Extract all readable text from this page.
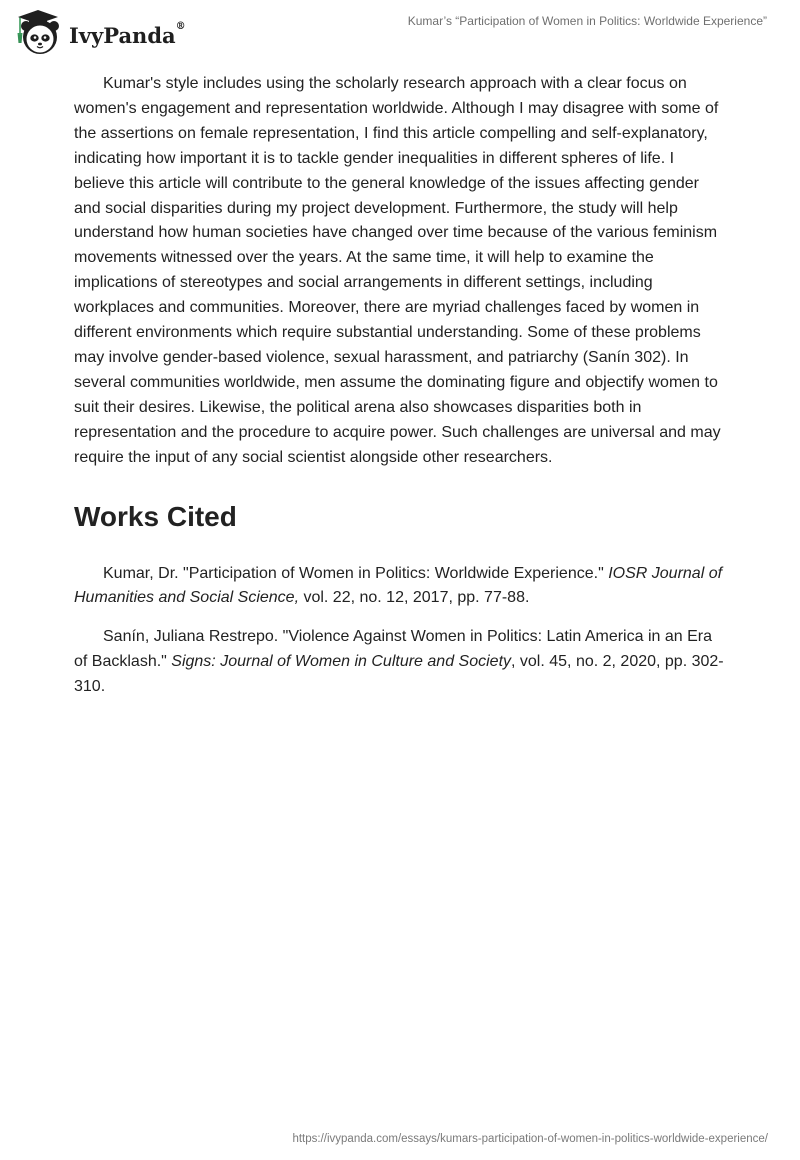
IvyPanda®	Kumar’s “Participation of Women in Politics: Worldwide Experience”

Kumar's style includes using the scholarly research approach with a clear focus on women's engagement and representation worldwide. Although I may disagree with some of the assertions on female representation, I find this article compelling and self-explanatory, indicating how important it is to tackle gender inequalities in different spheres of life. I believe this article will contribute to the general knowledge of the issues affecting gender and social disparities during my project development. Furthermore, the study will help understand how human societies have changed over time because of the various feminism movements witnessed over the years. At the same time, it will help to examine the implications of stereotypes and social arrangements in different settings, including workplaces and communities. Moreover, there are myriad challenges faced by women in different environments which require substantial understanding. Some of these problems may involve gender-based violence, sexual harassment, and patriarchy (Sanín 302). In several communities worldwide, men assume the dominating figure and objectify women to suit their desires. Likewise, the political arena also showcases disparities both in representation and the procedure to acquire power. Such challenges are universal and may require the input of any social scientist alongside other researchers.

Works Cited

Kumar, Dr. "Participation of Women in Politics: Worldwide Experience." IOSR Journal of Humanities and Social Science, vol. 22, no. 12, 2017, pp. 77-88.

Sanín, Juliana Restrepo. "Violence Against Women in Politics: Latin America in an Era of Backlash." Signs: Journal of Women in Culture and Society, vol. 45, no. 2, 2020, pp. 302-310.

https://ivypanda.com/essays/kumars-participation-of-women-in-politics-worldwide-experience/
